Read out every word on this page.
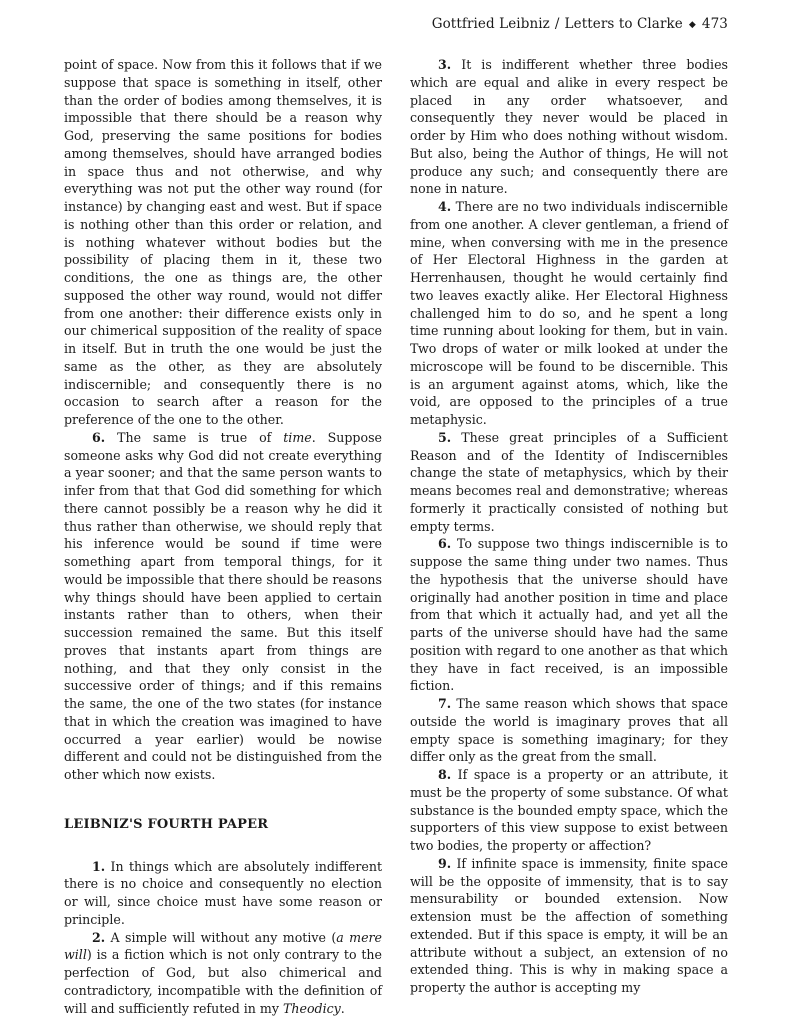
Gottfried Leibniz / Letters to Clarke ◆ 473

point of space. Now from this it follows that if we suppose that space is something in itself, other than the order of bodies among themselves, it is impossible that there should be a reason why God, preserving the same positions for bodies among themselves, should have arranged bodies in space thus and not otherwise, and why everything was not put the other way round (for instance) by changing east and west. But if space is nothing other than this order or relation, and is nothing whatever without bodies but the possibility of placing them in it, these two conditions, the one as things are, the other supposed the other way round, would not differ from one another: their difference exists only in our chimerical supposition of the reality of space in itself. But in truth the one would be just the same as the other, as they are absolutely indiscernible; and consequently there is no occasion to search after a reason for the preference of the one to the other.

6. The same is true of time. Suppose someone asks why God did not create everything a year sooner; and that the same person wants to infer from that that God did something for which there cannot possibly be a reason why he did it thus rather than otherwise, we should reply that his inference would be sound if time were something apart from temporal things, for it would be impossible that there should be reasons why things should have been applied to certain instants rather than to others, when their succession remained the same. But this itself proves that instants apart from things are nothing, and that they only consist in the successive order of things; and if this remains the same, the one of the two states (for instance that in which the creation was imagined to have occurred a year earlier) would be nowise different and could not be distinguished from the other which now exists.

LEIBNIZ'S FOURTH PAPER

1. In things which are absolutely indifferent there is no choice and consequently no election or will, since choice must have some reason or principle.

2. A simple will without any motive (a mere will) is a fiction which is not only contrary to the perfection of God, but also chimerical and contradictory, incompatible with the definition of will and sufficiently refuted in my Theodicy.

3. It is indifferent whether three bodies which are equal and alike in every respect be placed in any order whatsoever, and consequently they never would be placed in order by Him who does nothing without wisdom. But also, being the Author of things, He will not produce any such; and consequently there are none in nature.

4. There are no two individuals indiscernible from one another. A clever gentleman, a friend of mine, when conversing with me in the presence of Her Electoral Highness in the garden at Herrenhausen, thought he would certainly find two leaves exactly alike. Her Electoral Highness challenged him to do so, and he spent a long time running about looking for them, but in vain. Two drops of water or milk looked at under the microscope will be found to be discernible. This is an argument against atoms, which, like the void, are opposed to the principles of a true metaphysic.

5. These great principles of a Sufficient Reason and of the Identity of Indiscernibles change the state of metaphysics, which by their means becomes real and demonstrative; whereas formerly it practically consisted of nothing but empty terms.

6. To suppose two things indiscernible is to suppose the same thing under two names. Thus the hypothesis that the universe should have originally had another position in time and place from that which it actually had, and yet all the parts of the universe should have had the same position with regard to one another as that which they have in fact received, is an impossible fiction.

7. The same reason which shows that space outside the world is imaginary proves that all empty space is something imaginary; for they differ only as the great from the small.

8. If space is a property or an attribute, it must be the property of some substance. Of what substance is the bounded empty space, which the supporters of this view suppose to exist between two bodies, the property or affection?

9. If infinite space is immensity, finite space will be the opposite of immensity, that is to say mensurability or bounded extension. Now extension must be the affection of something extended. But if this space is empty, it will be an attribute without a subject, an extension of no extended thing. This is why in making space a property the author is accepting my
